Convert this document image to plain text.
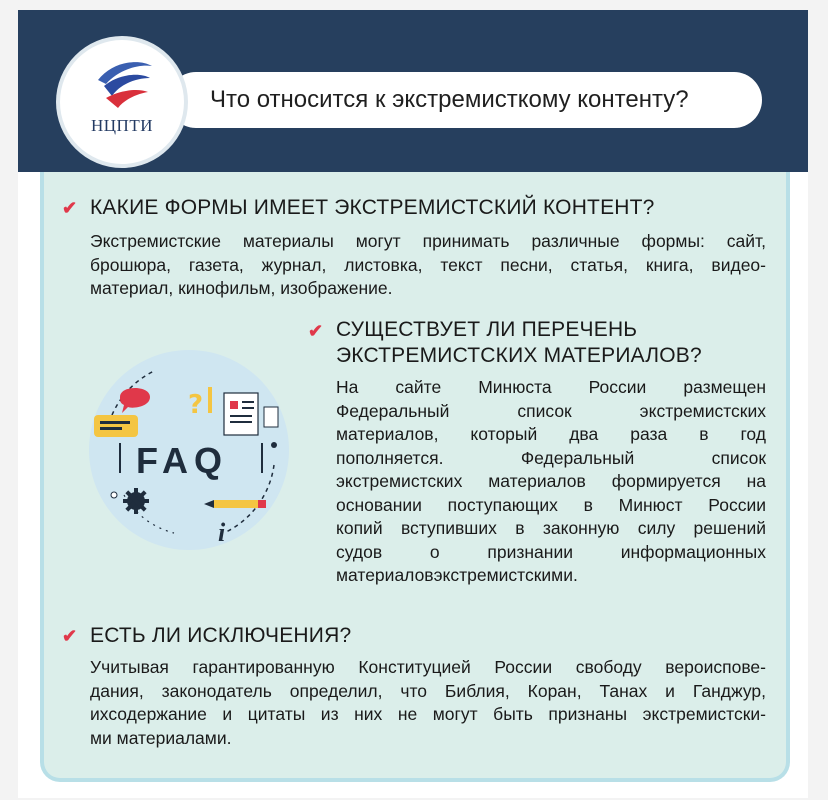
НЦПТИ
Что относится к экстремисткому контенту?
✔ КАКИЕ ФОРМЫ ИМЕЕТ ЭКСТРЕМИСТСКИЙ КОНТЕНТ?
Экстремистские материалы могут принимать различные формы: сайт,
брошюра, газета, журнал, листовка, текст песни, статья, книга, видео-
материал, кинофильм, изображение.
✔ СУЩЕСТВУЕТ ЛИ ПЕРЕЧЕНЬ
ЭКСТРЕМИСТСКИХ МАТЕРИАЛОВ?
На сайте Минюста России размещен
Федеральный список экстремистских
материалов, который два раза в год
пополняется. Федеральный список
экстремистских материалов формируется на
основании поступающих в Минюст России
копий вступивших в законную силу решений
судов о признании информационных
материаловэкстремистскими.
?
FAQ
i
✔ ЕСТЬ ЛИ ИСКЛЮЧЕНИЯ?
Учитывая гарантированную Конституцией России свободу вероиспове-
дания, законодатель определил, что Библия, Коран, Танах и Ганджур,
ихсодержание и цитаты из них не могут быть признаны экстремистски-
ми материалами.
